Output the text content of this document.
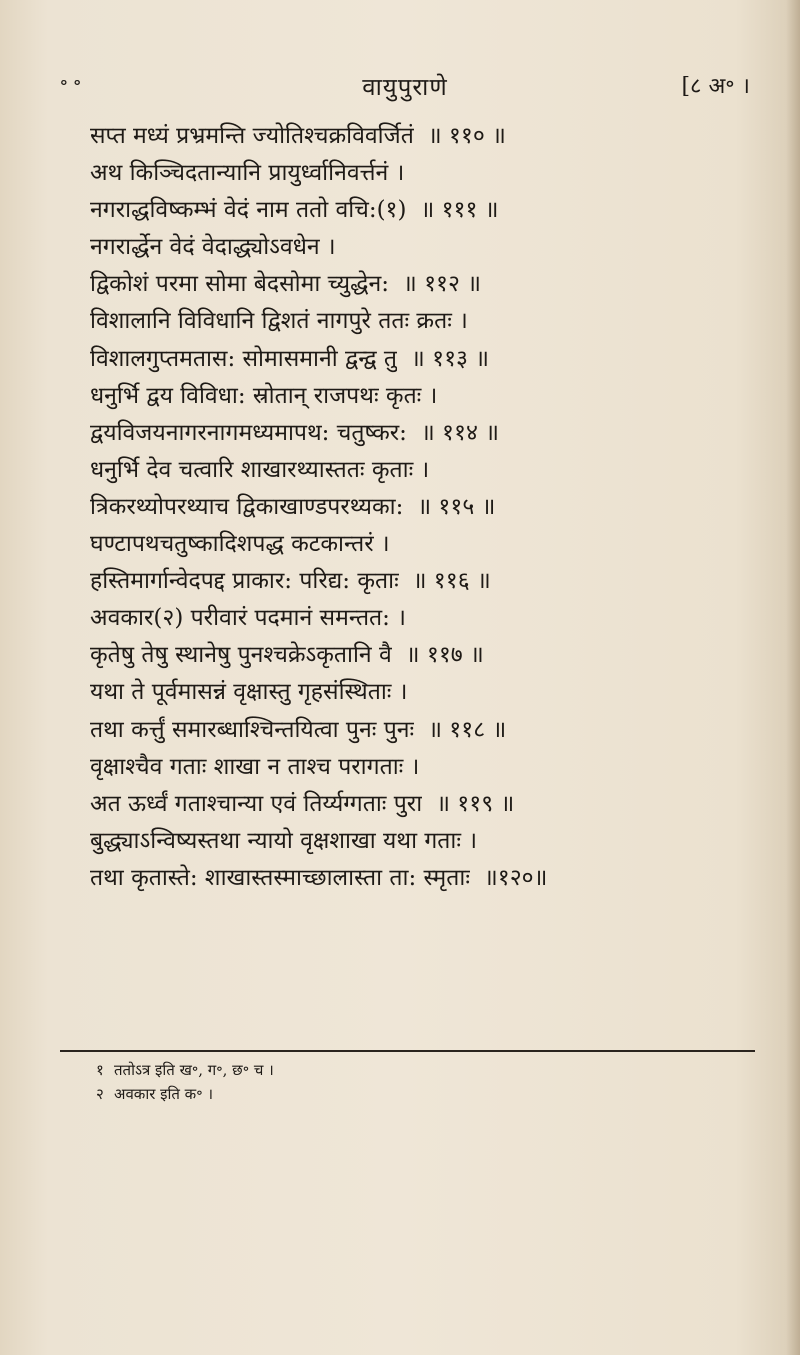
॰ ॰	वायुपुराणे	[८ अ॰ ।
सप्त मध्यं प्रभ्रमन्ति ज्योतिश्चक्रविवर्जितं ॥ ११० ॥
अथ किञ्चिदतान्यानि प्रायुर्ध्वानिवर्त्तनं ।
नगराद्धविष्कम्भं वेदं नाम ततो वचि:(१) ॥ १११ ॥
नगरार्द्धेन वेदं वेदाद्ध्योऽवधेन ।
द्विकोशं परमा सोमा बेदसोमा च्युद्धेन: ॥ ११२ ॥
विशालानि विविधानि द्विशतं नागपुरे ततः क्रतः ।
विशालगुप्तमतास: सोमासमानी द्वन्द्व तु ॥ ११३ ॥
धनुर्भि द्वय विविधा: स्रोतान् राजपथः कृतः ।
द्वयविजयनागरनागमध्यमापथ: चतुष्कर: ॥ ११४ ॥
धनुर्भि देव चत्वारि शाखारथ्यास्ततः कृताः ।
त्रिकरथ्योपरथ्याच द्विकाखाण्डपरथ्यका: ॥ ११५ ॥
घण्टापथचतुष्कादिशपद्ध कटकान्तरं ।
हस्तिमार्गान्वेदपद्द प्राकार: परिद्य: कृताः ॥ ११६ ॥
अवकार(२) परीवारं पदमानं समन्तत: ।
कृतेषु तेषु स्थानेषु पुनश्चक्रेऽकृतानि वै ॥ ११७ ॥
यथा ते पूर्वमासन्नं वृक्षास्तु गृहसंस्थिताः ।
तथा कर्त्तुं समारब्धाश्चिन्तयित्वा पुनः पुनः ॥ ११८ ॥
वृक्षाश्चैव गताः शाखा न ताश्च परागताः ।
अत ऊर्ध्वं गताश्चान्या एवं तिर्य्यग्गताः पुरा ॥ ११९ ॥
बुद्ध्याऽन्विष्यस्तथा न्यायो वृक्षशाखा यथा गताः ।
तथा कृतास्ते: शाखास्तस्माच्छालास्ता ता: स्मृताः ॥१२०॥
१ ततोऽत्र इति ख॰, ग॰, छ॰ च ।
२ अवकार इति क॰ ।
